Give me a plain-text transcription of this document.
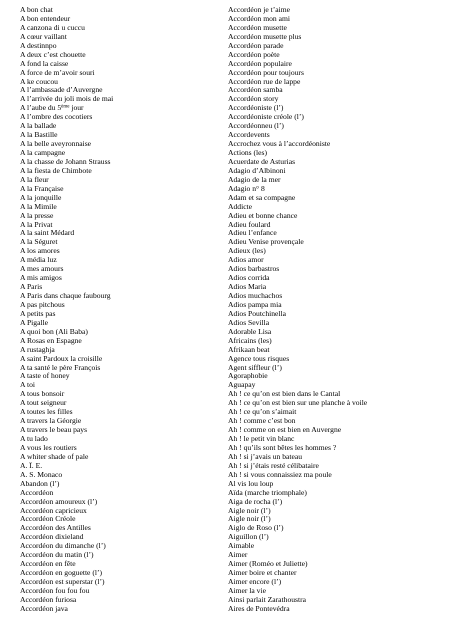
A bon chat
A bon entendeur
A canzona di u cuccu
A cœur vaillant
A destinnpo
A deux c’est chouette
A fond la caisse
A force de m’avoir souri
A ke coucou
A l’ambassade d’Auvergne
A l’arrivée du joli mois de mai
A l’aube du 5ème jour
A l’ombre des cocotiers
A la ballade
A la Bastille
A la belle aveyronnaise
A la campagne
A la chasse de Johann Strauss
A la fiesta de Chimbote
A la fleur
A la Française
A la jonquille
A la Mimile
A la presse
A la Privat
A la saint Médard
A la Séguret
A los amores
A média luz
A mes amours
A mis amigos
A Paris
A Paris dans chaque faubourg
A pas pitchous
A petits pas
A Pigalle
A quoi bon (Ali Baba)
A Rosas en Espagne
A rustaghja
A saint Pardoux la croisille
A ta santé le père François
A taste of honey
A toi
A tous bonsoir
A tout seigneur
A toutes les filles
A travers la Géorgie
A travers le beau pays
A tu lado
A vous les routiers
A whiter shade of pale
A. Ï. E.
A. S. Monaco
Abandon (l’)
Accordéon
Accordéon amoureux (l’)
Accordéon capricieux
Accordéon Créole
Accordéon des Antilles
Accordéon dixieland
Accordéon du dimanche (l’)
Accordéon du matin (l’)
Accordéon en fête
Accordéon en goguette (l’)
Accordéon est superstar (l’)
Accordéon fou fou fou
Accordéon furiosa
Accordéon java
Accordéon je t’aime
Accordéon mon ami
Accordéon musette
Accordéon musette plus
Accordéon parade
Accordéon poète
Accordéon populaire
Accordéon pour toujours
Accordéon rue de lappe
Accordéon samba
Accordéon story
Accordéoniste (l’)
Accordéoniste créole (l’)
Accordéonneu (l’)
Accordevents
Accrochez vous à l’accordéoniste
Actions (les)
Acuerdate de Asturias
Adagio d’Albinoni
Adagio de la mer
Adagio n° 8
Adam et sa compagne
Addicte
Adieu et bonne chance
Adieu foulard
Adieu l’enfance
Adieu Venise provençale
Adieux (les)
Adios amor
Adios barbastros
Adios corrida
Adios Maria
Adios muchachos
Adios pampa mia
Adios Poutchinella
Adios Sevilla
Adorable Lisa
Africains (les)
Afrikaan beat
Agence tous risques
Agent siffleur (l’)
Agoraphobie
Aguapay
Ah ! ce qu’on est bien dans le Cantal
Ah ! ce qu’on est bien sur une planche à voile
Ah ! ce qu’on s’aimait
Ah ! comme c’est bon
Ah ! comme on est bien en Auvergne
Ah ! le petit vin blanc
Ah ! qu’ils sont bêtes les hommes ?
Ah ! si j’avais un bateau
Ah ! si j’étais resté célibataire
Ah ! si vous connaissiez ma poule
Al vis lou loup
Aïda (marche triomphale)
Aiga de rocha (l’)
Aigle noir (l’)
Aigle noir (l’)
Aiglo de Roso (l’)
Aiguillon (l’)
Aimable
Aimer
Aimer (Roméo et Juliette)
Aimer boire et chanter
Aimer encore (l’)
Aimer la vie
Ainsi parlait Zarathoustra
Aires de Pontevédra
